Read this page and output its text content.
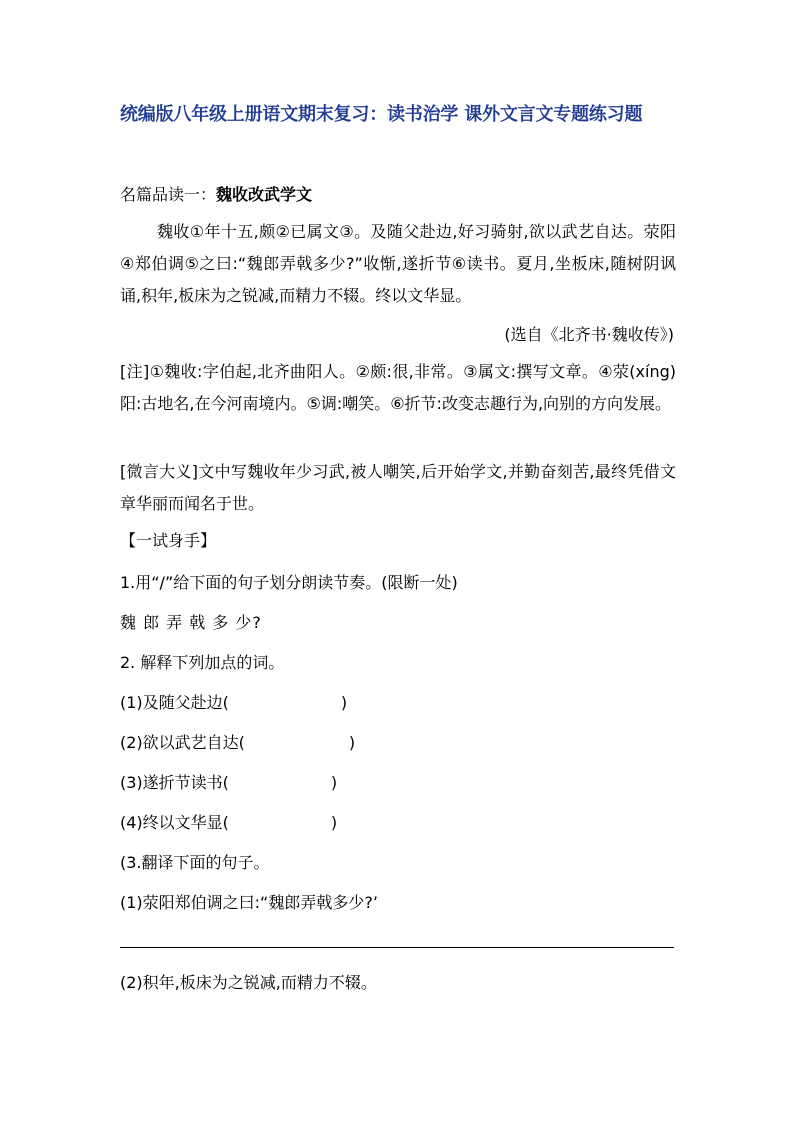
统编版八年级上册语文期末复习：读书治学 课外文言文专题练习题
名篇品读一：魏收改武学文
魏收①年十五,颇②已属文③。及随父赴边,好习骑射,欲以武艺自达。荥阳④郑伯调⑤之曰:“魏郎弄戟多少?”收惭,遂折节⑥读书。夏月,坐板床,随树阴讽诵,积年,板床为之锐减,而精力不辍。终以文华显。
(选自《北齐书·魏收传》)
[注]①魏收:字伯起,北齐曲阳人。②颇:很,非常。③属文:撰写文章。④荥(xíng)阳:古地名,在今河南境内。⑤调:嘲笑。⑥折节:改变志趣行为,向别的方向发展。
[微言大义]文中写魏收年少习武,被人嘲笑,后开始学文,并勤奋刻苦,最终凭借文章华丽而闻名于世。
【一试身手】
1.用“/”给下面的句子划分朗读节奏。(限断一处)
魏 郎 弄 戟 多 少?
2. 解释下列加点的词。
(1)及随父赴边(	)
(2)欲以武艺自达(	)
(3)遂折节读书(	)
(4)终以文华显(	)
(3.翻译下面的句子。
(1)荥阳郑伯调之曰:“魏郎弄戟多少?’
(2)积年,板床为之锐减,而精力不辍。
